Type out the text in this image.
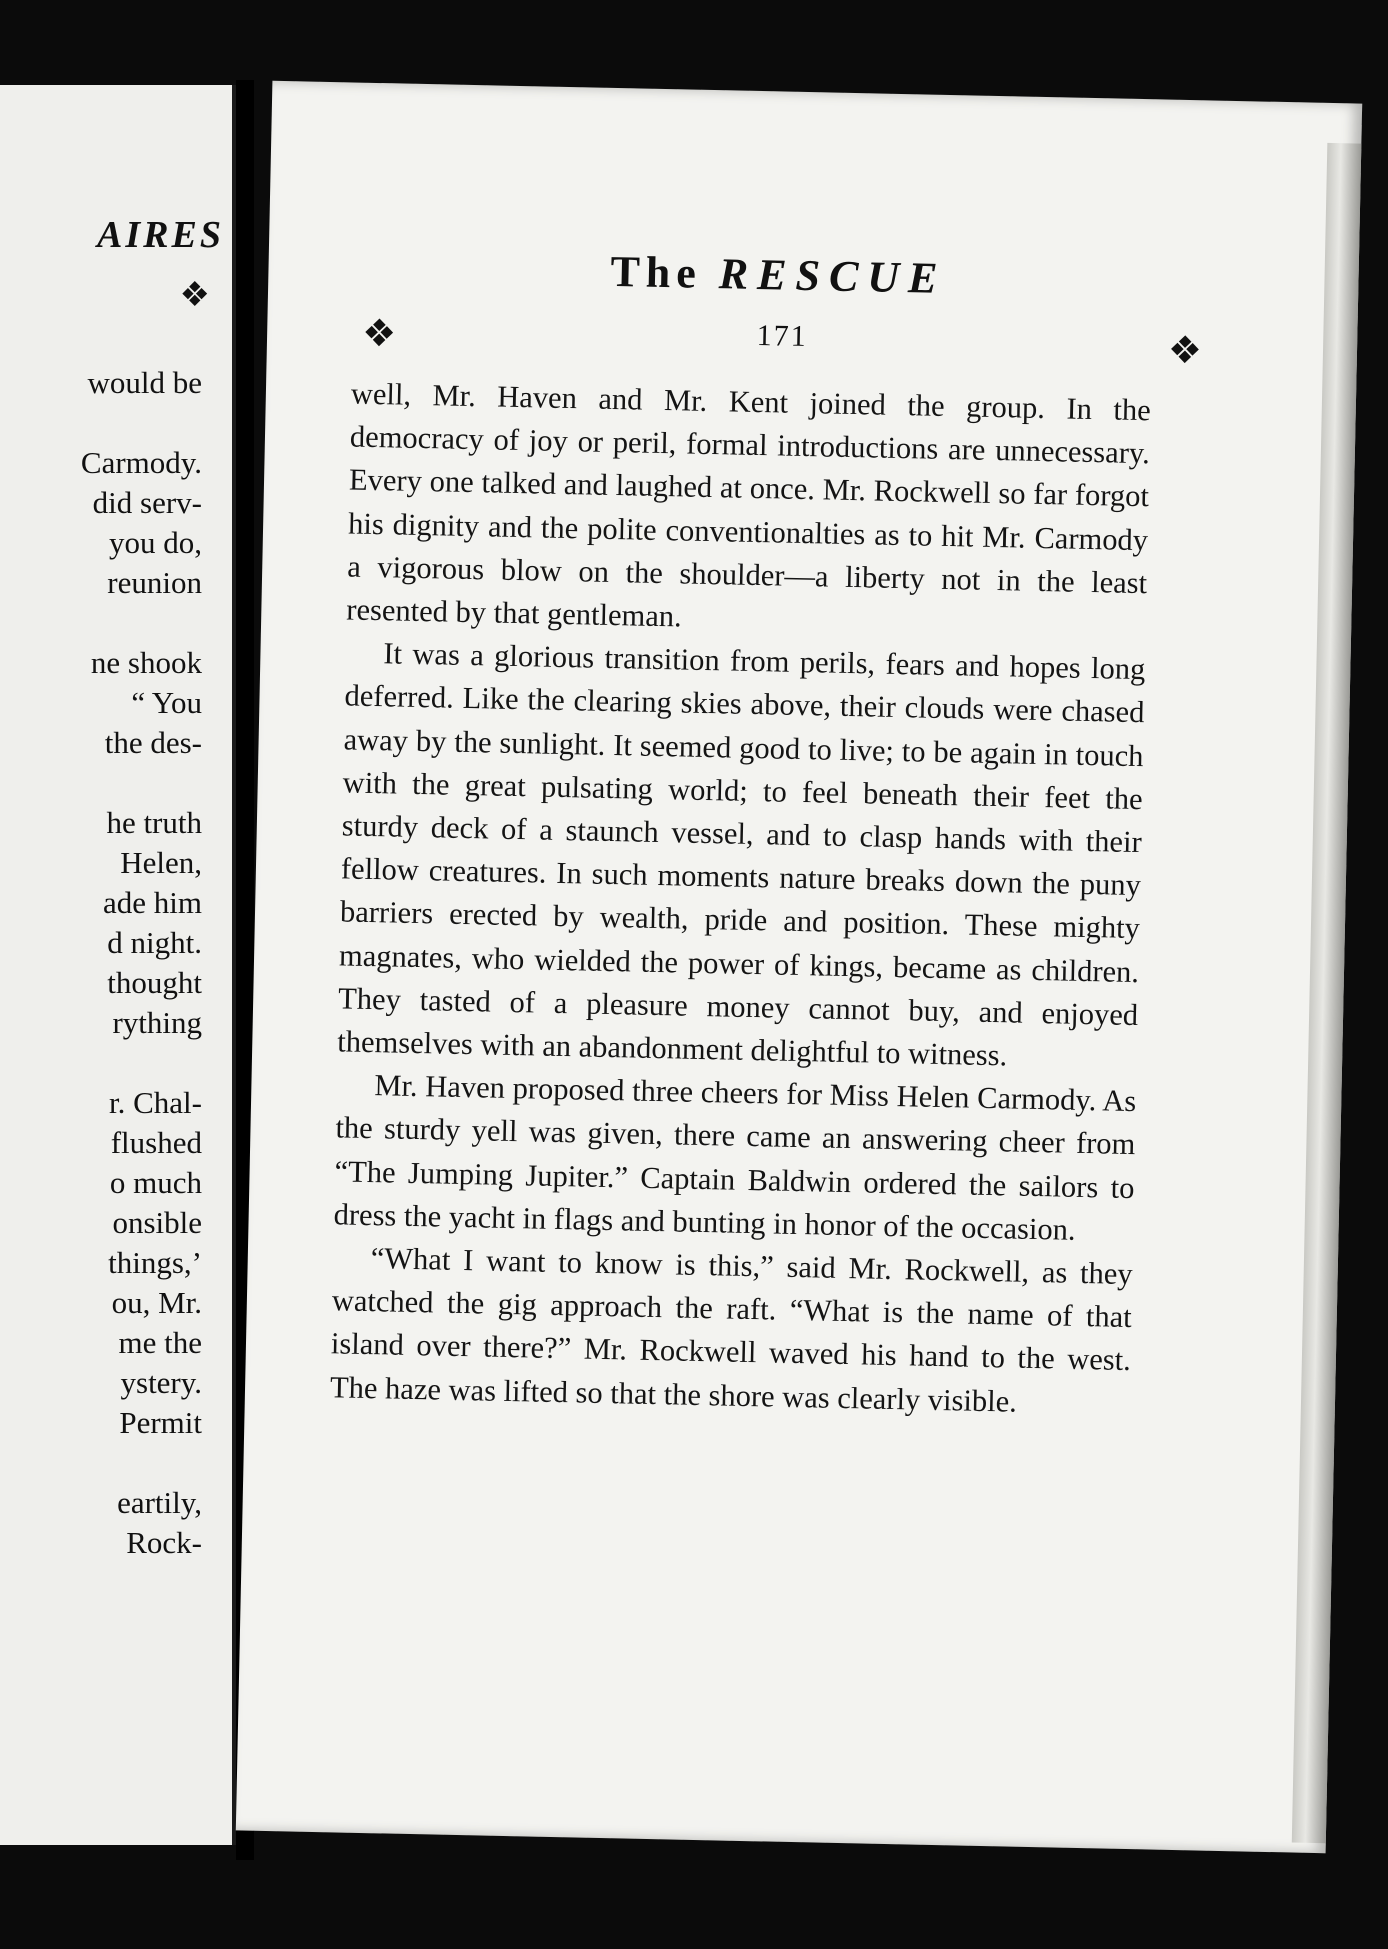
AIRES
❖
would be
Carmody.
did serv-
you do,
reunion
ne shook
“ You
the des-
he truth
Helen,
ade him
d night.
thought
rything
r. Chal-
flushed
o much
onsible
things,’
ou, Mr.
me the
ystery.
Permit
eartily,
Rock-
The RESCUE
❖	171	❖

well, Mr. Haven and Mr. Kent joined the group. In the democracy of joy or peril, formal introductions are unnecessary. Every one talked and laughed at once. Mr. Rockwell so far forgot his dignity and the polite conventionalties as to hit Mr. Carmody a vigorous blow on the shoulder—a liberty not in the least resented by that gentleman.

It was a glorious transition from perils, fears and hopes long deferred. Like the clearing skies above, their clouds were chased away by the sunlight. It seemed good to live; to be again in touch with the great pulsating world; to feel beneath their feet the sturdy deck of a staunch vessel, and to clasp hands with their fellow creatures. In such moments nature breaks down the puny barriers erected by wealth, pride and position. These mighty magnates, who wielded the power of kings, became as children. They tasted of a pleasure money cannot buy, and enjoyed themselves with an abandonment delightful to witness.

Mr. Haven proposed three cheers for Miss Helen Carmody. As the sturdy yell was given, there came an answering cheer from “The Jumping Jupiter.” Captain Baldwin ordered the sailors to dress the yacht in flags and bunting in honor of the occasion.

“What I want to know is this,” said Mr. Rockwell, as they watched the gig approach the raft. “What is the name of that island over there?” Mr. Rockwell waved his hand to the west. The haze was lifted so that the shore was clearly visible.
